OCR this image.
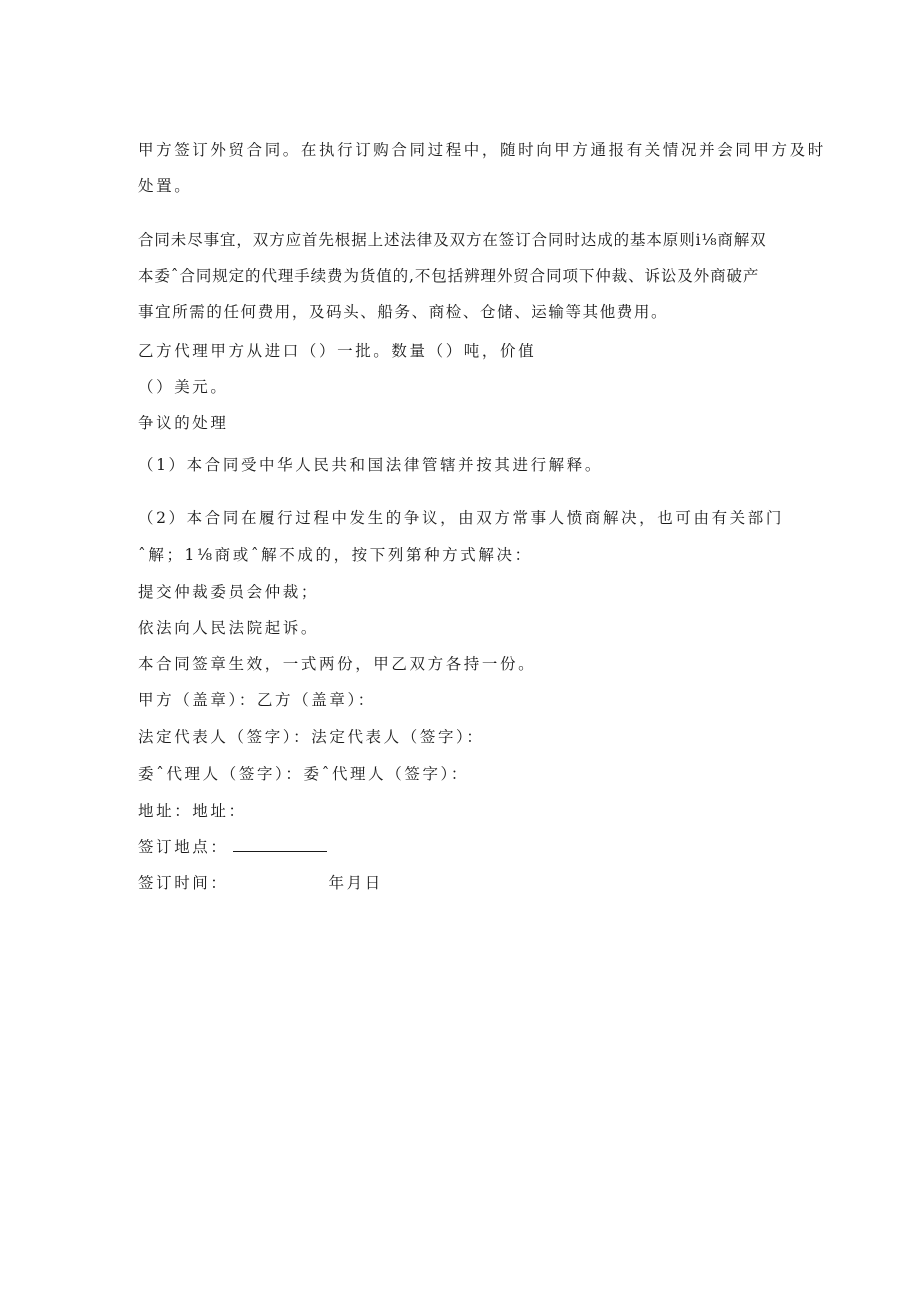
甲方签订外贸合同。在执行订购合同过程中，随时向甲方通报有关情况并会同甲方及时

处置。

合同未尽事宜，双方应首先根据上述法律及双方在签订合同时达成的基本原则i⅛商解双

本委ˆ合同规定的代理手续费为货值的,不包括辨理外贸合同项下仲裁、诉讼及外商破产

事宜所需的任何费用，及码头、船务、商检、仓储、运输等其他费用。

乙方代理甲方从进口（）一批。数量（）吨，价值

（）美元。

争议的处理

（1）本合同受中华人民共和国法律管辖并按其进行解释。

（2）本合同在履行过程中发生的争议，由双方常事人愤商解决，也可由有关部门

ˆ解；1⅛商或ˆ解不成的，按下列第种方式解决：

提交仲裁委员会仲裁；

依法向人民法院起诉。

本合同签章生效，一式两份，甲乙双方各持一份。

甲方（盖章）：乙方（盖章）：

法定代表人（签字）：法定代表人（签字）：

委ˆ代理人（签字）：委ˆ代理人（签字）：

地址：地址：

签订地点：

签订时间：	年月日
